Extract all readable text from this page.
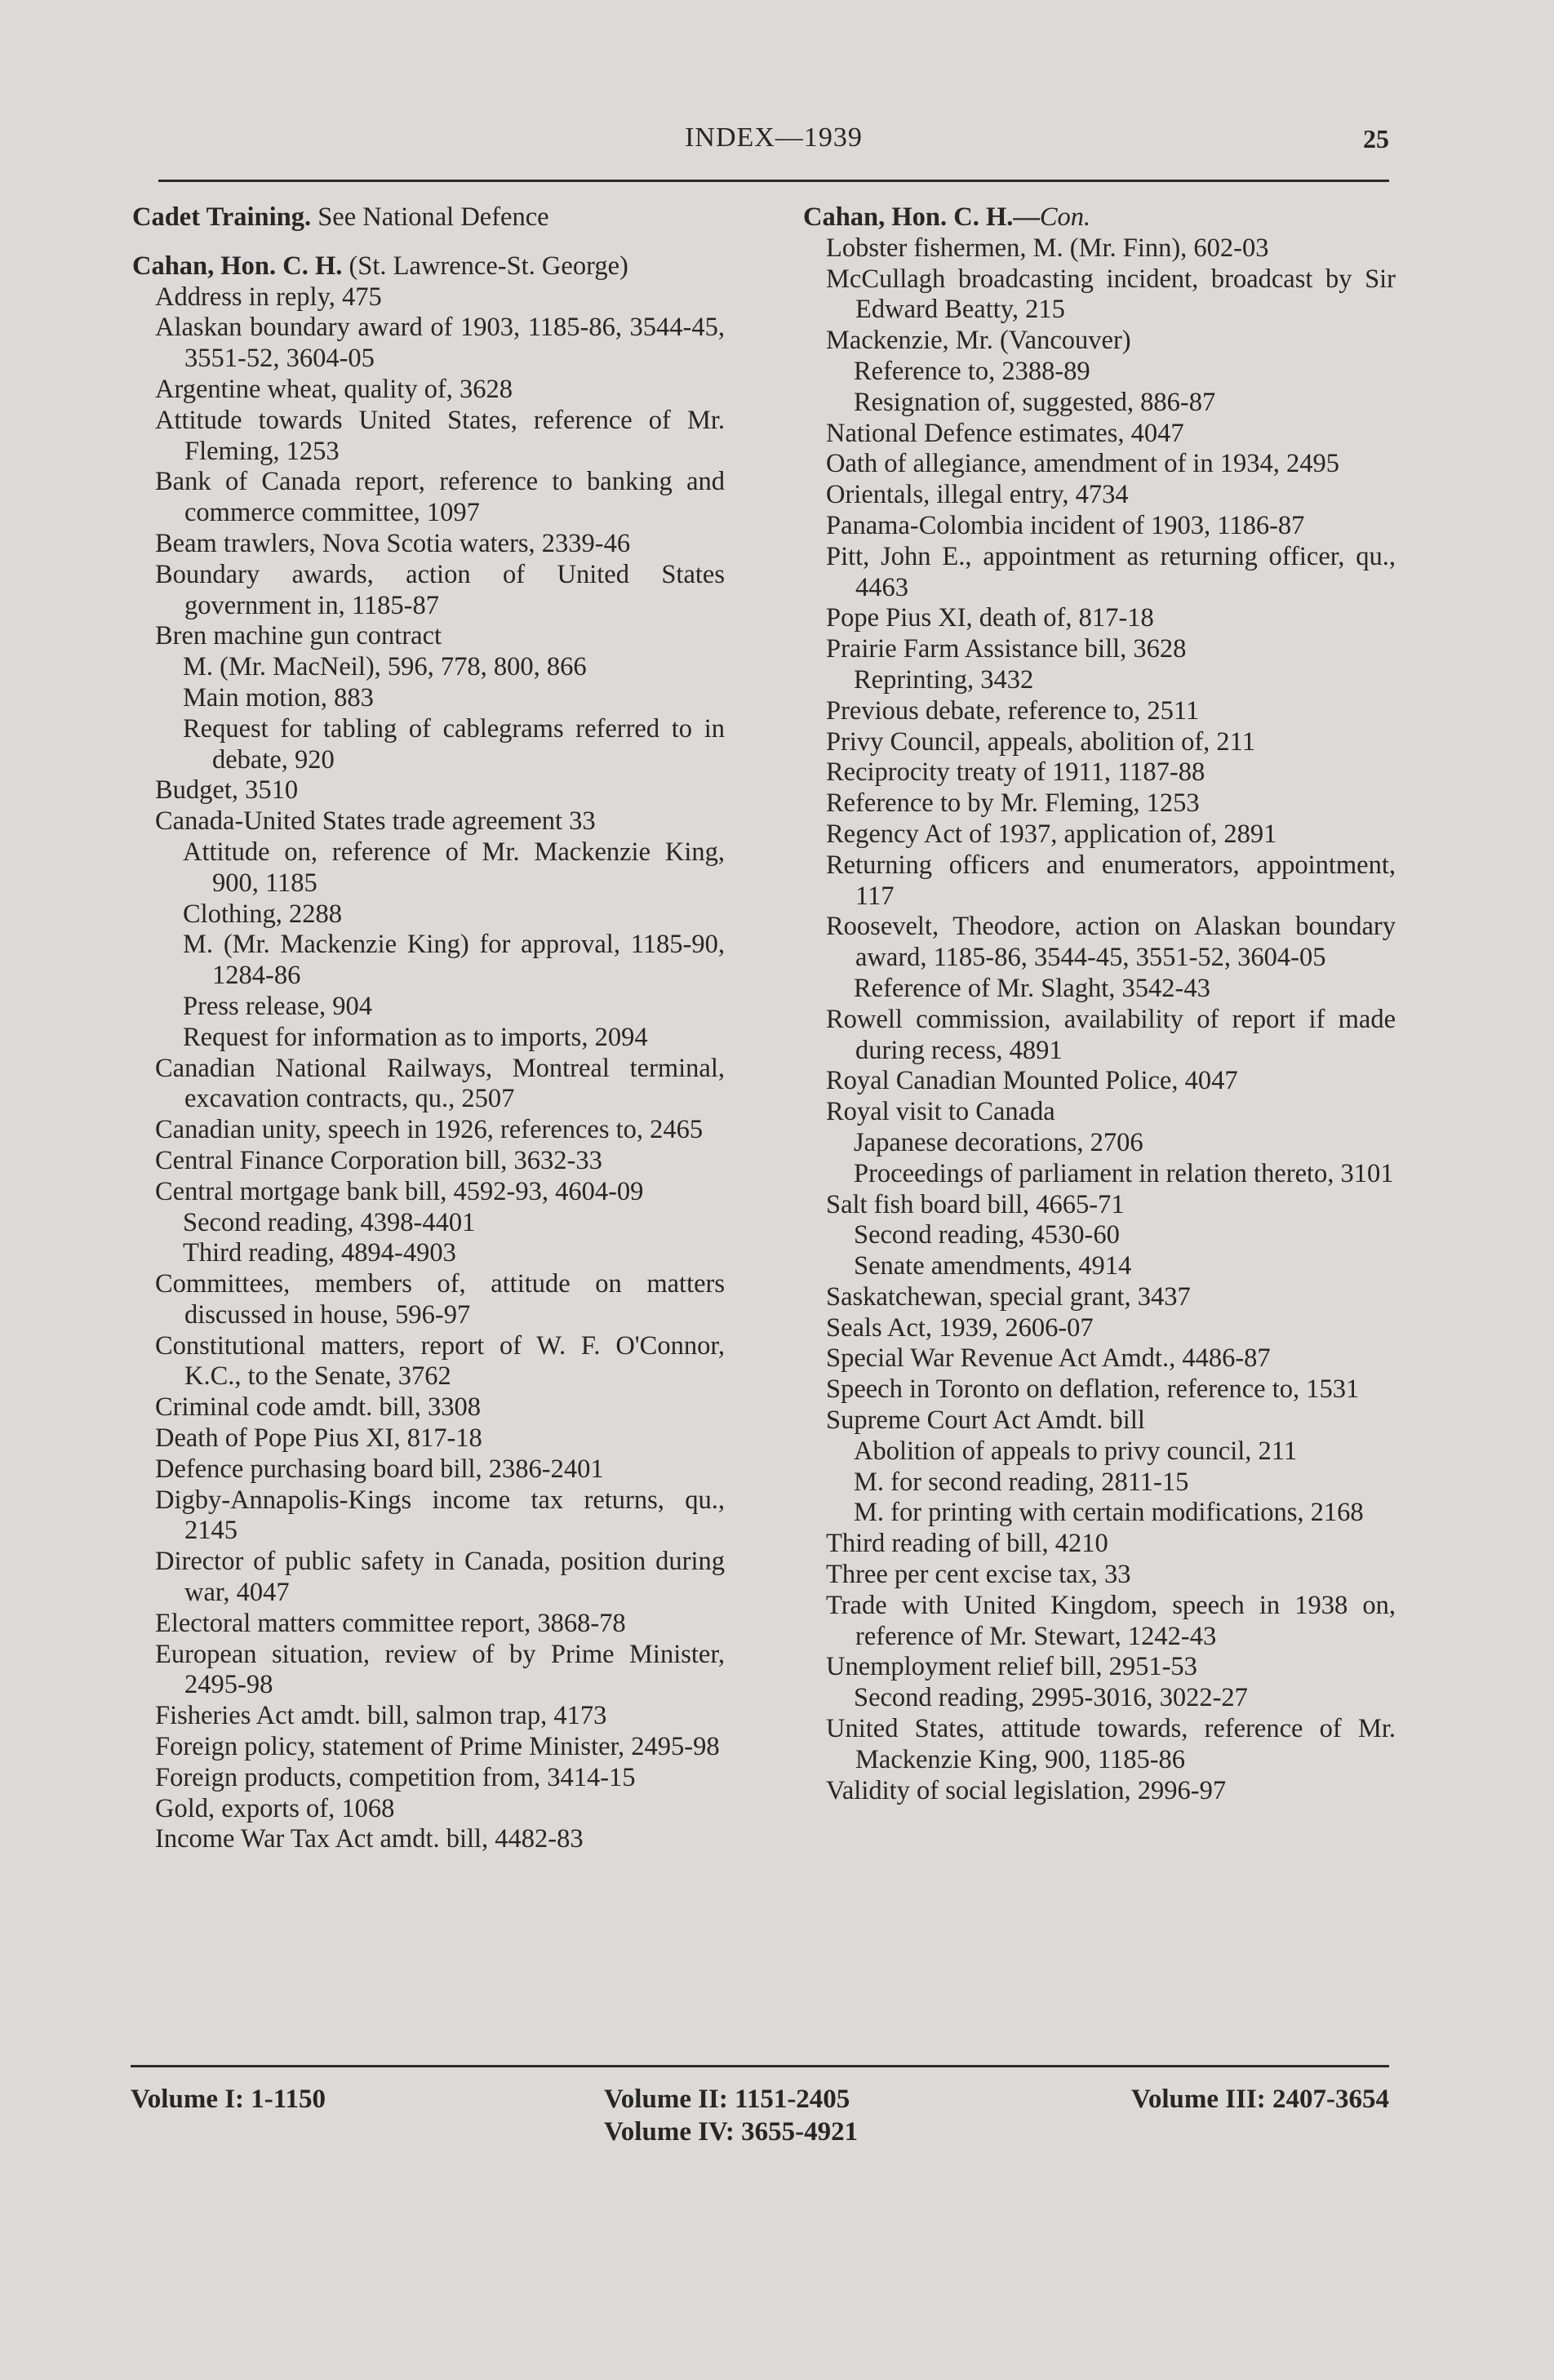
INDEX—1939	25
Cadet Training. See National Defence
Cahan, Hon. C. H. (St. Lawrence-St. George)
Address in reply, 475
Alaskan boundary award of 1903, 1185-86, 3544-45, 3551-52, 3604-05
Argentine wheat, quality of, 3628
Attitude towards United States, reference of Mr. Fleming, 1253
Bank of Canada report, reference to banking and commerce committee, 1097
Beam trawlers, Nova Scotia waters, 2339-46
Boundary awards, action of United States government in, 1185-87
Bren machine gun contract
M. (Mr. MacNeil), 596, 778, 800, 866
Main motion, 883
Request for tabling of cablegrams referred to in debate, 920
Budget, 3510
Canada-United States trade agreement 33
Attitude on, reference of Mr. Mackenzie King, 900, 1185
Clothing, 2288
M. (Mr. Mackenzie King) for approval, 1185-90, 1284-86
Press release, 904
Request for information as to imports, 2094
Canadian National Railways, Montreal terminal, excavation contracts, qu., 2507
Canadian unity, speech in 1926, references to, 2465
Central Finance Corporation bill, 3632-33
Central mortgage bank bill, 4592-93, 4604-09
Second reading, 4398-4401
Third reading, 4894-4903
Committees, members of, attitude on matters discussed in house, 596-97
Constitutional matters, report of W. F. O'Connor, K.C., to the Senate, 3762
Criminal code amdt. bill, 3308
Death of Pope Pius XI, 817-18
Defence purchasing board bill, 2386-2401
Digby-Annapolis-Kings income tax returns, qu., 2145
Director of public safety in Canada, position during war, 4047
Electoral matters committee report, 3868-78
European situation, review of by Prime Minister, 2495-98
Fisheries Act amdt. bill, salmon trap, 4173
Foreign policy, statement of Prime Minister, 2495-98
Foreign products, competition from, 3414-15
Gold, exports of, 1068
Income War Tax Act amdt. bill, 4482-83
Cahan, Hon. C. H.—Con.
Lobster fishermen, M. (Mr. Finn), 602-03
McCullagh broadcasting incident, broadcast by Sir Edward Beatty, 215
Mackenzie, Mr. (Vancouver)
Reference to, 2388-89
Resignation of, suggested, 886-87
National Defence estimates, 4047
Oath of allegiance, amendment of in 1934, 2495
Orientals, illegal entry, 4734
Panama-Colombia incident of 1903, 1186-87
Pitt, John E., appointment as returning officer, qu., 4463
Pope Pius XI, death of, 817-18
Prairie Farm Assistance bill, 3628
Reprinting, 3432
Previous debate, reference to, 2511
Privy Council, appeals, abolition of, 211
Reciprocity treaty of 1911, 1187-88
Reference to by Mr. Fleming, 1253
Regency Act of 1937, application of, 2891
Returning officers and enumerators, appointment, 117
Roosevelt, Theodore, action on Alaskan boundary award, 1185-86, 3544-45, 3551-52, 3604-05
Reference of Mr. Slaght, 3542-43
Rowell commission, availability of report if made during recess, 4891
Royal Canadian Mounted Police, 4047
Royal visit to Canada
Japanese decorations, 2706
Proceedings of parliament in relation thereto, 3101
Salt fish board bill, 4665-71
Second reading, 4530-60
Senate amendments, 4914
Saskatchewan, special grant, 3437
Seals Act, 1939, 2606-07
Special War Revenue Act Amdt., 4486-87
Speech in Toronto on deflation, reference to, 1531
Supreme Court Act Amdt. bill
Abolition of appeals to privy council, 211
M. for second reading, 2811-15
M. for printing with certain modifications, 2168
Third reading of bill, 4210
Three per cent excise tax, 33
Trade with United Kingdom, speech in 1938 on, reference of Mr. Stewart, 1242-43
Unemployment relief bill, 2951-53
Second reading, 2995-3016, 3022-27
United States, attitude towards, reference of Mr. Mackenzie King, 900, 1185-86
Validity of social legislation, 2996-97
Volume I: 1-1150	Volume II: 1151-2405
Volume IV: 3655-4921
Volume III: 2407-3654
